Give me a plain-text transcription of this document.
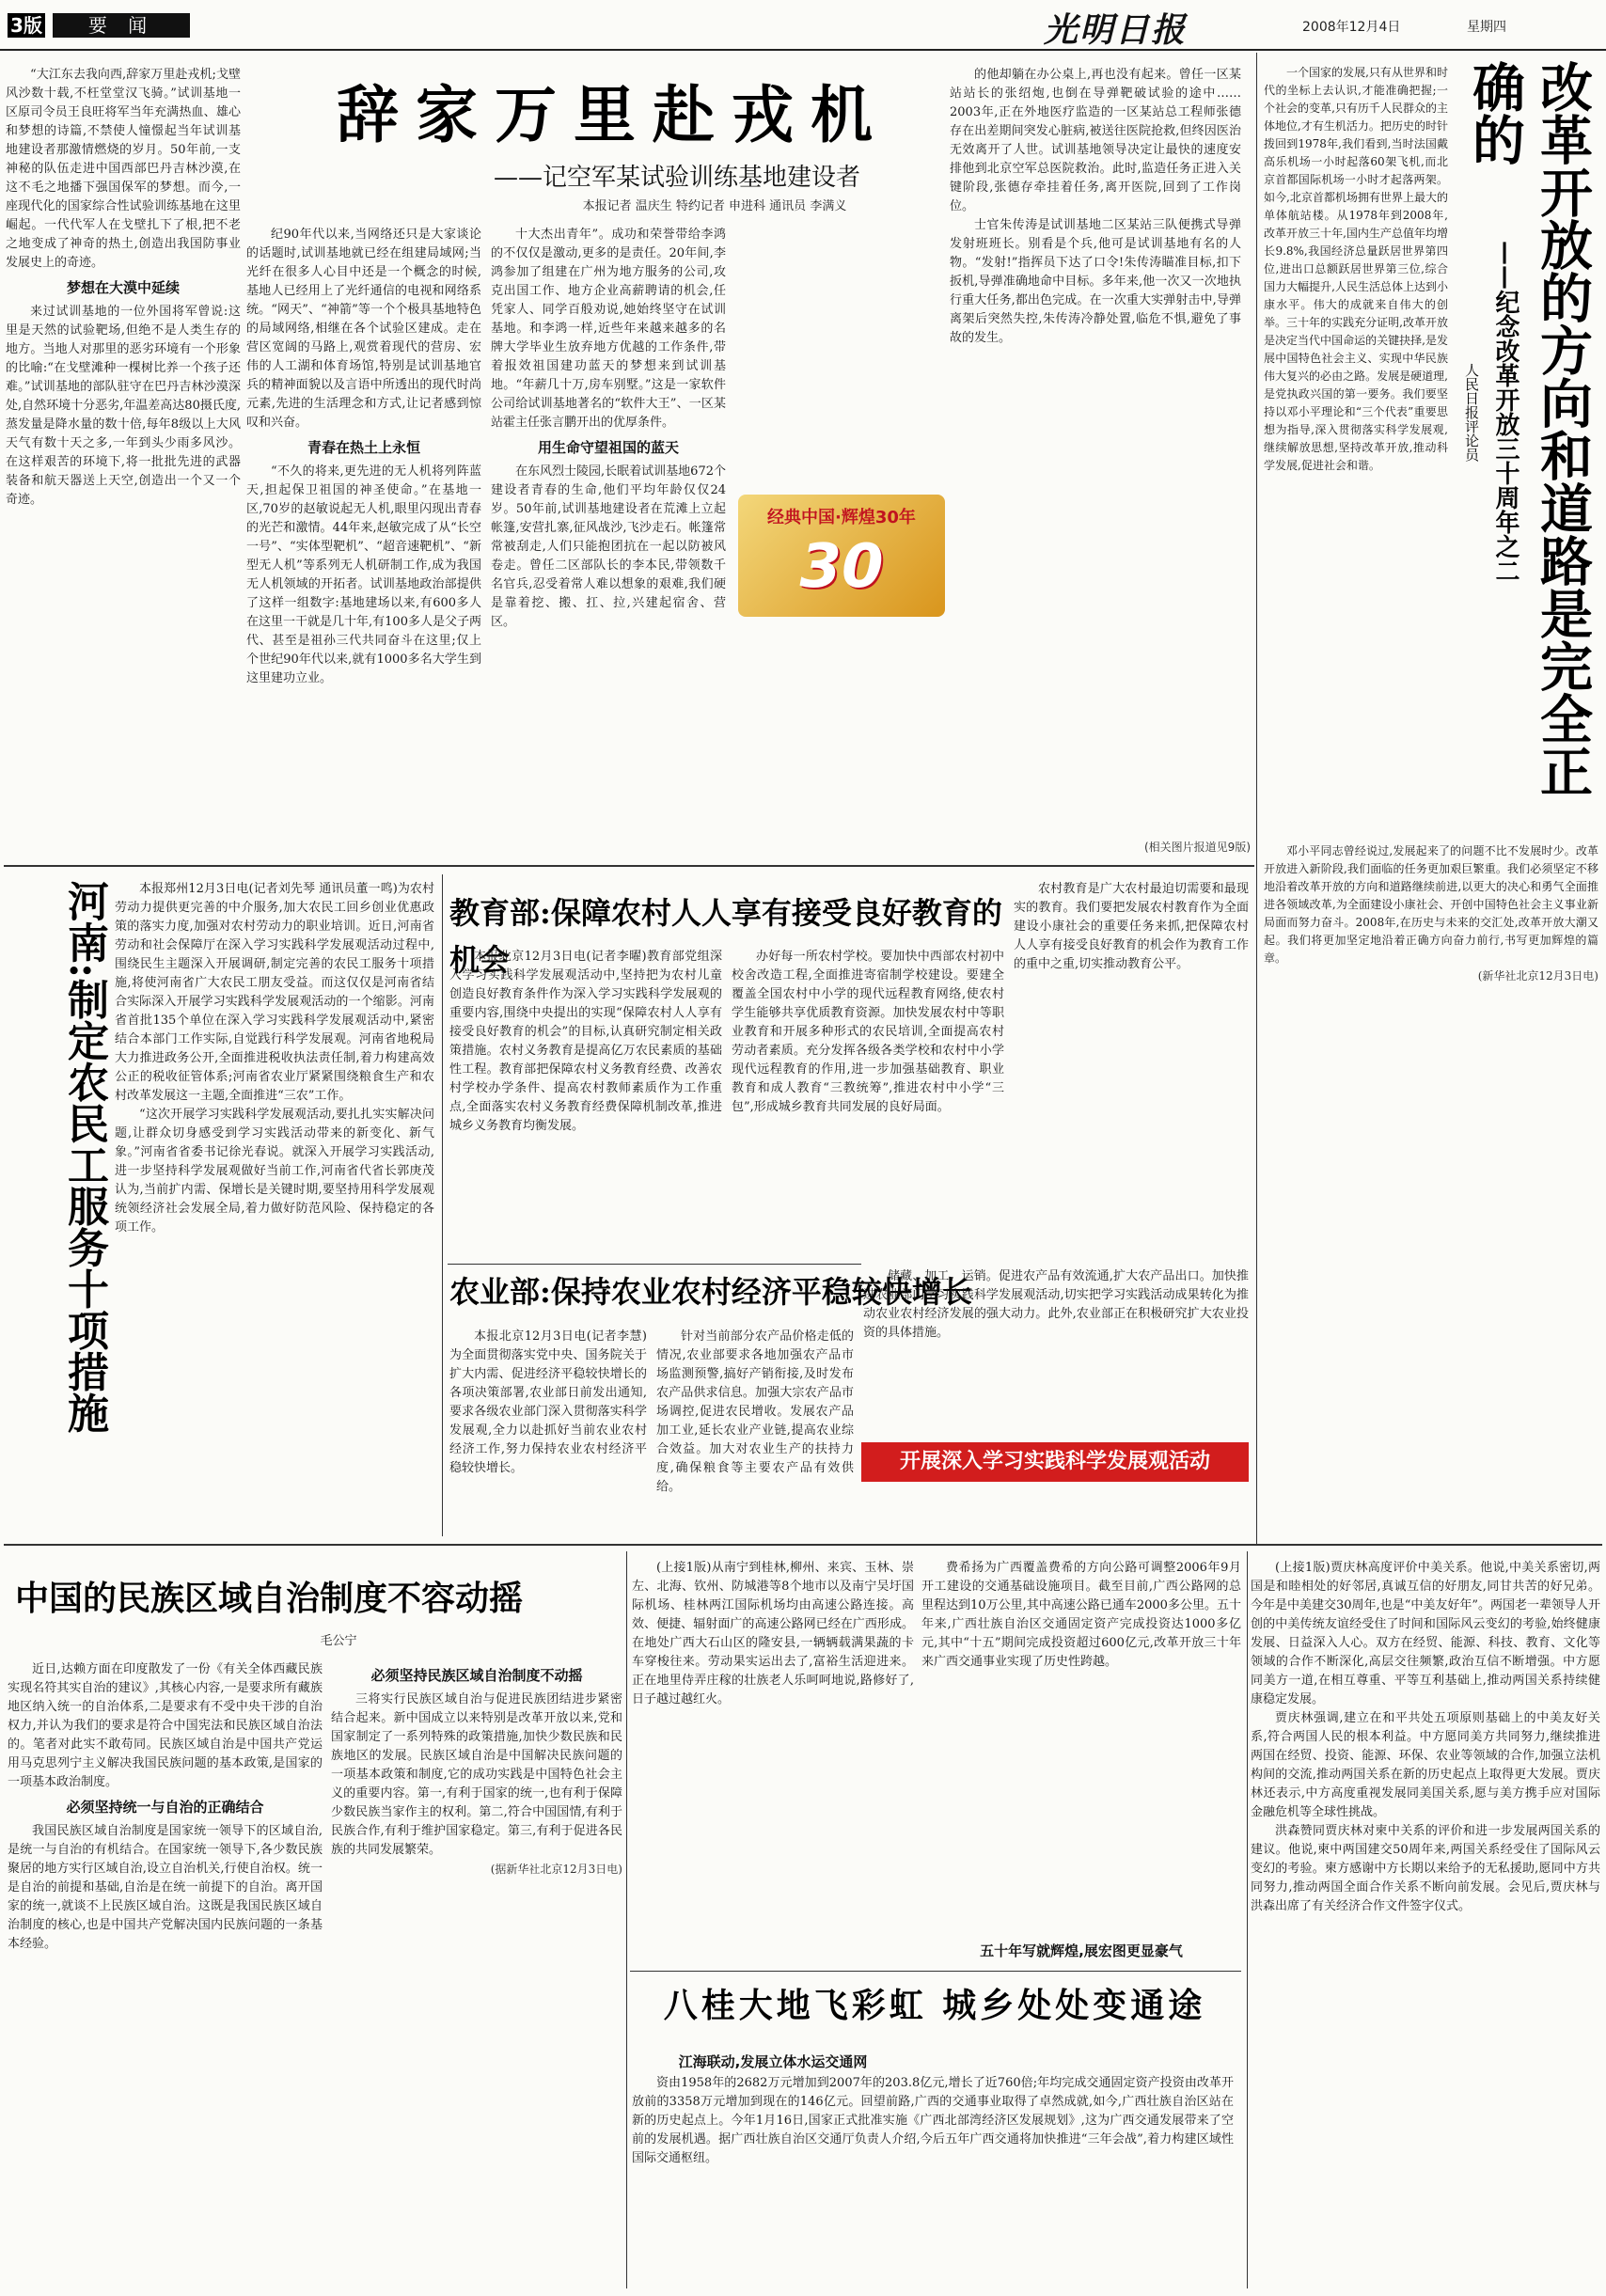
3版	要 闻	光明日报	2008年12月4日	星期四

“大江东去我向西,辞家万里赴戎机;戈壁风沙数十载,不枉堂堂汉飞骑。”试训基地一区原司令员王良旺将军当年充满热血、雄心和梦想的诗篇,不禁使人憧憬起当年试训基地建设者那激情燃烧的岁月。50年前,一支神秘的队伍走进中国西部巴丹吉林沙漠,在这不毛之地播下强国保军的梦想。而今,一座现代化的国家综合性试验训练基地在这里崛起。一代代军人在戈壁扎下了根,把不老之地变成了神奇的热土,创造出我国防事业发展史上的奇迹。

梦想在大漠中延续

来过试训基地的一位外国将军曾说:这里是天然的试验靶场,但绝不是人类生存的地方。当地人对那里的恶劣环境有一个形象的比喻:“在戈壁滩种一棵树比养一个孩子还难。”试训基地的部队驻守在巴丹吉林沙漠深处,自然环境十分恶劣,年温差高达80摄氏度,蒸发量是降水量的数十倍,每年8级以上大风天气有数十天之多,一年到头少雨多风沙。在这样艰苦的环境下,将一批批先进的武器装备和航天器送上天空,创造出一个又一个奇迹。

辞家万里赴戎机
——记空军某试验训练基地建设者
本报记者 温庆生 特约记者 申进科 通讯员 李满义

纪90年代以来,当网络还只是大家谈论的话题时,试训基地就已经在组建局域网;当光纤在很多人心目中还是一个概念的时候,基地人已经用上了光纤通信的电视和网络系统。“网天”、“神箭”等一个个极具基地特色的局域网络,相继在各个试验区建成。走在营区宽阔的马路上,观赏着现代的营房、宏伟的人工湖和体育场馆,特别是试训基地官兵的精神面貌以及言语中所透出的现代时尚元素,先进的生活理念和方式,让记者感到惊叹和兴奋。

青春在热土上永恒

“不久的将来,更先进的无人机将列阵蓝天,担起保卫祖国的神圣使命。”在基地一区,70岁的赵敏说起无人机,眼里闪现出青春的光芒和激情。44年来,赵敏完成了从“长空一号”、“实体型靶机”、“超音速靶机”、“新型无人机”等系列无人机研制工作,成为我国无人机领域的开拓者。试训基地政治部提供了这样一组数字:基地建场以来,有600多人在这里一干就是几十年,有100多人是父子两代、甚至是祖孙三代共同奋斗在这里;仅上个世纪90年代以来,就有1000多名大学生到这里建功立业。

十大杰出青年”。成功和荣誉带给李鸿的不仅仅是激动,更多的是责任。20年间,李鸿参加了组建在广州为地方服务的公司,攻克出国工作、地方企业高薪聘请的机会,任凭家人、同学百般劝说,她始终坚守在试训基地。和李鸿一样,近些年来越来越多的名牌大学毕业生放弃地方优越的工作条件,带着报效祖国建功蓝天的梦想来到试训基地。“年薪几十万,房车别墅。”这是一家软件公司给试训基地著名的“软件大王”、一区某站霍主任张言鹏开出的优厚条件。

用生命守望祖国的蓝天

在东风烈士陵园,长眠着试训基地672个建设者青春的生命,他们平均年龄仅仅24岁。50年前,试训基地建设者在荒滩上立起帐篷,安营扎寨,征风战沙,飞沙走石。帐篷常常被刮走,人们只能抱团抗在一起以防被风卷走。曾任二区部队长的李本民,带领数千名官兵,忍受着常人难以想象的艰难,我们硬是靠着挖、搬、扛、拉,兴建起宿舍、营区。

经典中国·辉煌30年
30

的他却躺在办公桌上,再也没有起来。曾任一区某站站长的张绍炮,也倒在导弹靶破试验的途中……2003年,正在外地医疗监造的一区某站总工程师张德存在出差期间突发心脏病,被送往医院抢救,但终因医治无效离开了人世。试训基地领导决定让最快的速度安排他到北京空军总医院救治。此时,监造任务正进入关键阶段,张德存牵挂着任务,离开医院,回到了工作岗位。

士官朱传涛是试训基地二区某站三队便携式导弹发射班班长。别看是个兵,他可是试训基地有名的人物。“发射!”指挥员下达了口令!朱传涛瞄准目标,扣下扳机,导弹准确地命中目标。多年来,他一次又一次地执行重大任务,都出色完成。在一次重大实弹射击中,导弹离架后突然失控,朱传涛冷静处置,临危不惧,避免了事故的发生。

(相关图片报道见9版)
改革开放的方向和道路是完全正确的
——纪念改革开放三十周年之二
人民日报评论员

一个国家的发展,只有从世界和时代的坐标上去认识,才能准确把握;一个社会的变革,只有历千人民群众的主体地位,才有生机活力。把历史的时针拨回到1978年,我们看到,当时法国戴高乐机场一小时起落60架飞机,而北京首都国际机场一小时才起落两架。如今,北京首都机场拥有世界上最大的单体航站楼。从1978年到2008年,改革开放三十年,国内生产总值年均增长9.8%,我国经济总量跃居世界第四位,进出口总额跃居世界第三位,综合国力大幅提升,人民生活总体上达到小康水平。伟大的成就来自伟大的创举。三十年的实践充分证明,改革开放是决定当代中国命运的关键抉择,是发展中国特色社会主义、实现中华民族伟大复兴的必由之路。发展是硬道理,是党执政兴国的第一要务。我们要坚持以邓小平理论和“三个代表”重要思想为指导,深入贯彻落实科学发展观,继续解放思想,坚持改革开放,推动科学发展,促进社会和谐。

邓小平同志曾经说过,发展起来了的问题不比不发展时少。改革开放进入新阶段,我们面临的任务更加艰巨繁重。我们必须坚定不移地沿着改革开放的方向和道路继续前进,以更大的决心和勇气全面推进各领域改革,为全面建设小康社会、开创中国特色社会主义事业新局面而努力奋斗。2008年,在历史与未来的交汇处,改革开放大潮又起。我们将更加坚定地沿着正确方向奋力前行,书写更加辉煌的篇章。

(新华社北京12月3日电)
河南:制定农民工服务十项措施	本报郑州12月3日电(记者刘先琴 通讯员董一鸣)为农村劳动力提供更完善的中介服务,加大农民工回乡创业优惠政策的落实力度,加强对农村劳动力的职业培训。近日,河南省劳动和社会保障厅在深入学习实践科学发展观活动过程中,围绕民生主题深入开展调研,制定完善的农民工服务十项措施,将使河南省广大农民工朋友受益。而这仅仅是河南省结合实际深入开展学习实践科学发展观活动的一个缩影。河南省首批135个单位在深入学习实践科学发展观活动中,紧密结合本部门工作实际,自觉践行科学发展观。河南省地税局大力推进政务公开,全面推进税收执法责任制,着力构建高效公正的税收征管体系;河南省农业厅紧紧围绕粮食生产和农村改革发展这一主题,全面推进“三农”工作。

“这次开展学习实践科学发展观活动,要扎扎实实解决问题,让群众切身感受到学习实践活动带来的新变化、新气象。”河南省省委书记徐光春说。就深入开展学习实践活动,进一步坚持科学发展观做好当前工作,河南省代省长郭庚茂认为,当前扩内需、保增长是关键时期,要坚持用科学发展观统领经济社会发展全局,着力做好防范风险、保持稳定的各项工作。

教育部:保障农村人人享有接受良好教育的机会

本报北京12月3日电(记者李曜)教育部党组深入学习实践科学发展观活动中,坚持把为农村儿童创造良好教育条件作为深入学习实践科学发展观的重要内容,围绕中央提出的实现“保障农村人人享有接受良好教育的机会”的目标,认真研究制定相关政策措施。农村义务教育是提高亿万农民素质的基础性工程。教育部把保障农村义务教育经费、改善农村学校办学条件、提高农村教师素质作为工作重点,全面落实农村义务教育经费保障机制改革,推进城乡义务教育均衡发展。

办好每一所农村学校。要加快中西部农村初中校舍改造工程,全面推进寄宿制学校建设。要建全覆盖全国农村中小学的现代远程教育网络,使农村学生能够共享优质教育资源。加快发展农村中等职业教育和开展多种形式的农民培训,全面提高农村劳动者素质。充分发挥各级各类学校和农村中小学现代远程教育的作用,进一步加强基础教育、职业教育和成人教育“三教统筹”,推进农村中小学“三包”,形成城乡教育共同发展的良好局面。

农村教育是广大农村最迫切需要和最现实的教育。我们要把发展农村教育作为全面建设小康社会的重要任务来抓,把保障农村人人享有接受良好教育的机会作为教育工作的重中之重,切实推动教育公平。

农业部:保持农业农村经济平稳较快增长

本报北京12月3日电(记者李慧)为全面贯彻落实党中央、国务院关于扩大内需、促进经济平稳较快增长的各项决策部署,农业部日前发出通知,要求各级农业部门深入贯彻落实科学发展观,全力以赴抓好当前农业农村经济工作,努力保持农业农村经济平稳较快增长。

针对当前部分农产品价格走低的情况,农业部要求各地加强农产品市场监测预警,搞好产销衔接,及时发布农产品供求信息。加强大宗农产品市场调控,促进农民增收。发展农产品加工业,延长农业产业链,提高农业综合效益。加大对农业生产的扶持力度,确保粮食等主要农产品有效供给。

储藏、加工、运销。促进农产品有效流通,扩大农产品出口。加快推进农业部门学习实践科学发展观活动,切实把学习实践活动成果转化为推动农业农村经济发展的强大动力。此外,农业部正在积极研究扩大农业投资的具体措施。

开展深入学习实践科学发展观活动
中国的民族区域自治制度不容动摇
毛公宁

近日,达赖方面在印度散发了一份《有关全体西藏民族实现名符其实自治的建议》,其核心内容,一是要求所有藏族地区纳入统一的自治体系,二是要求有不受中央干涉的自治权力,并认为我们的要求是符合中国宪法和民族区域自治法的。笔者对此实不敢苟同。民族区域自治是中国共产党运用马克思列宁主义解决我国民族问题的基本政策,是国家的一项基本政治制度。

必须坚持统一与自治的正确结合

我国民族区域自治制度是国家统一领导下的区域自治,是统一与自治的有机结合。在国家统一领导下,各少数民族聚居的地方实行区域自治,设立自治机关,行使自治权。统一是自治的前提和基础,自治是在统一前提下的自治。离开国家的统一,就谈不上民族区域自治。这既是我国民族区域自治制度的核心,也是中国共产党解决国内民族问题的一条基本经验。

必须坚持民族区域自治制度不动摇

三将实行民族区域自治与促进民族团结进步紧密结合起来。新中国成立以来特别是改革开放以来,党和国家制定了一系列特殊的政策措施,加快少数民族和民族地区的发展。民族区域自治是中国解决民族问题的一项基本政策和制度,它的成功实践是中国特色社会主义的重要内容。第一,有利于国家的统一,也有利于保障少数民族当家作主的权利。第二,符合中国国情,有利于民族合作,有利于维护国家稳定。第三,有利于促进各民族的共同发展繁荣。

(据新华社北京12月3日电)

(上接1版)从南宁到桂林,柳州、来宾、玉林、崇左、北海、钦州、防城港等8个地市以及南宁吴圩国际机场、桂林两江国际机场均由高速公路连接。高效、便捷、辐射面广的高速公路网已经在广西形成。在地处广西大石山区的隆安县,一辆辆载满果蔬的卡车穿梭往来。劳动果实运出去了,富裕生活迎进来。正在地里侍弄庄稼的壮族老人乐呵呵地说,路修好了,日子越过越红火。

费希扬为广西覆盖费希的方向公路可调整2006年9月开工建设的交通基础设施项目。截至目前,广西公路网的总里程达到10万公里,其中高速公路已通车2000多公里。五十年来,广西壮族自治区交通固定资产完成投资达1000多亿元,其中“十五”期间完成投资超过600亿元,改革开放三十年来广西交通事业实现了历史性跨越。

五十年写就辉煌,展宏图更显豪气
八桂大地飞彩虹 城乡处处变通途
江海联动,发展立体水运交通网

资由1958年的2682万元增加到2007年的203.8亿元,增长了近760倍;年均完成交通固定资产投资由改革开放前的3358万元增加到现在的146亿元。回望前路,广西的交通事业取得了卓然成就,如今,广西壮族自治区站在新的历史起点上。今年1月16日,国家正式批准实施《广西北部湾经济区发展规划》,这为广西交通发展带来了空前的发展机遇。据广西壮族自治区交通厅负责人介绍,今后五年广西交通将加快推进“三年会战”,着力构建区域性国际交通枢纽。

(上接1版)贾庆林高度评价中美关系。他说,中美关系密切,两国是和睦相处的好邻居,真诚互信的好朋友,同甘共苦的好兄弟。今年是中美建交30周年,也是“中美友好年”。两国老一辈领导人开创的中美传统友谊经受住了时间和国际风云变幻的考验,始终健康发展、日益深入人心。双方在经贸、能源、科技、教育、文化等领域的合作不断深化,高层交往频繁,政治互信不断增强。中方愿同美方一道,在相互尊重、平等互利基础上,推动两国关系持续健康稳定发展。

贾庆林强调,建立在和平共处五项原则基础上的中美友好关系,符合两国人民的根本利益。中方愿同美方共同努力,继续推进两国在经贸、投资、能源、环保、农业等领域的合作,加强立法机构间的交流,推动两国关系在新的历史起点上取得更大发展。贾庆林还表示,中方高度重视发展同美国关系,愿与美方携手应对国际金融危机等全球性挑战。

洪森赞同贾庆林对柬中关系的评价和进一步发展两国关系的建议。他说,柬中两国建交50周年来,两国关系经受住了国际风云变幻的考验。柬方感谢中方长期以来给予的无私援助,愿同中方共同努力,推动两国全面合作关系不断向前发展。会见后,贾庆林与洪森出席了有关经济合作文件签字仪式。
